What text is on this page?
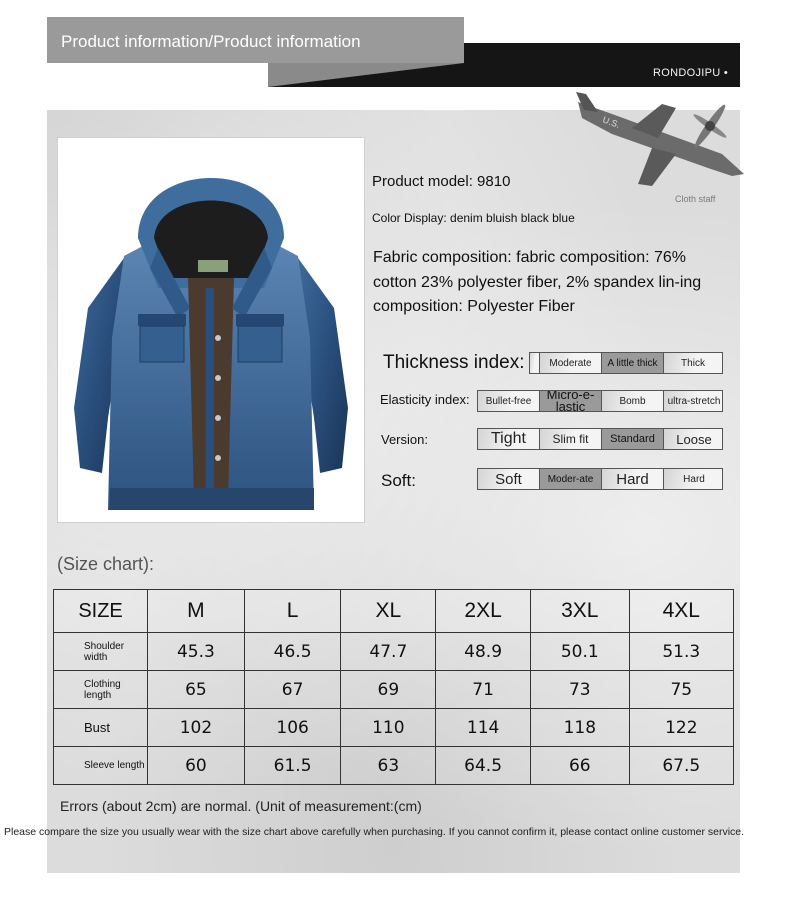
RONDOJIPU •
Product information/Product information
U.S.
Cloth staff
Product model: 9810
Color Display: denim bluish black blue
Fabric composition: fabric composition: 76% cotton 23% polyester fiber, 2% spandex lin-ing composition: Polyester Fiber
Thickness index:	Moderate	A little thick	Thick
Elasticity index:	Bullet-free	Micro-e-lastic	Bomb	ultra-stretch
Version:	Tight	Slim fit	Standard	Loose
Soft:	Soft	Moder-ate	Hard	Hard
(Size chart):
SIZE	M	L	XL	2XL	3XL	4XL
Shoulder width	45.3	46.5	47.7	48.9	50.1	51.3
Clothing length	65	67	69	71	73	75
Bust	102	106	110	114	118	122
Sleeve length	60	61.5	63	64.5	66	67.5
Errors (about 2cm) are normal. (Unit of measurement:(cm)
Please compare the size you usually wear with the size chart above carefully when purchasing. If you cannot confirm it, please contact online customer service.
